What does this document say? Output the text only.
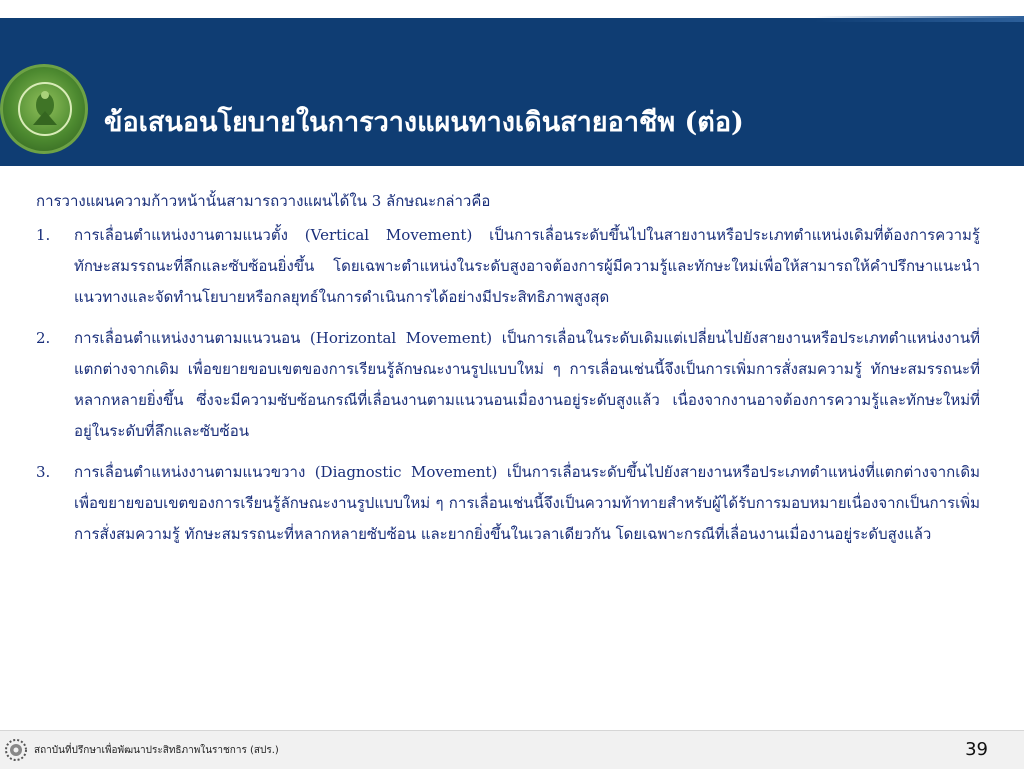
ข้อเสนอนโยบายในการวางแผนทางเดินสายอาชีพ (ต่อ)

การวางแผนความก้าวหน้านั้นสามารถวางแผนได้ใน 3 ลักษณะกล่าวคือ

1. การเลื่อนตำแหน่งงานตามแนวตั้ง (Vertical Movement) เป็นการเลื่อนระดับขึ้นไปในสายงานหรือประเภทตำแหน่งเดิมที่ต้องการความรู้ ทักษะสมรรถนะที่ลึกและซับซ้อนยิ่งขึ้น โดยเฉพาะตำแหน่งในระดับสูงอาจต้องการผู้มีความรู้และทักษะใหม่เพื่อให้สามารถให้คำปรึกษาแนะนำแนวทางและจัดทำนโยบายหรือกลยุทธ์ในการดำเนินการได้อย่างมีประสิทธิภาพสูงสุด
2. การเลื่อนตำแหน่งงานตามแนวนอน (Horizontal Movement) เป็นการเลื่อนในระดับเดิมแต่เปลี่ยนไปยังสายงานหรือประเภทตำแหน่งงานที่แตกต่างจากเดิม เพื่อขยายขอบเขตของการเรียนรู้ลักษณะงานรูปแบบใหม่ ๆ การเลื่อนเช่นนี้จึงเป็นการเพิ่มการสั่งสมความรู้ ทักษะสมรรถนะที่หลากหลายยิ่งขึ้น ซึ่งจะมีความซับซ้อนกรณีที่เลื่อนงานตามแนวนอนเมื่องานอยู่ระดับสูงแล้ว เนื่องจากงานอาจต้องการความรู้และทักษะใหม่ที่อยู่ในระดับที่ลึกและซับซ้อน
3. การเลื่อนตำแหน่งงานตามแนวขวาง (Diagnostic Movement) เป็นการเลื่อนระดับขึ้นไปยังสายงานหรือประเภทตำแหน่งที่แตกต่างจากเดิม เพื่อขยายขอบเขตของการเรียนรู้ลักษณะงานรูปแบบใหม่ ๆ การเลื่อนเช่นนี้จึงเป็นความท้าทายสำหรับผู้ได้รับการมอบหมายเนื่องจากเป็นการเพิ่มการสั่งสมความรู้ ทักษะสมรรถนะที่หลากหลายซับซ้อน และยากยิ่งขึ้นในเวลาเดียวกัน โดยเฉพาะกรณีที่เลื่อนงานเมื่องานอยู่ระดับสูงแล้ว
สถาบันที่ปรึกษาเพื่อพัฒนาประสิทธิภาพในราชการ (สปร.)	39
